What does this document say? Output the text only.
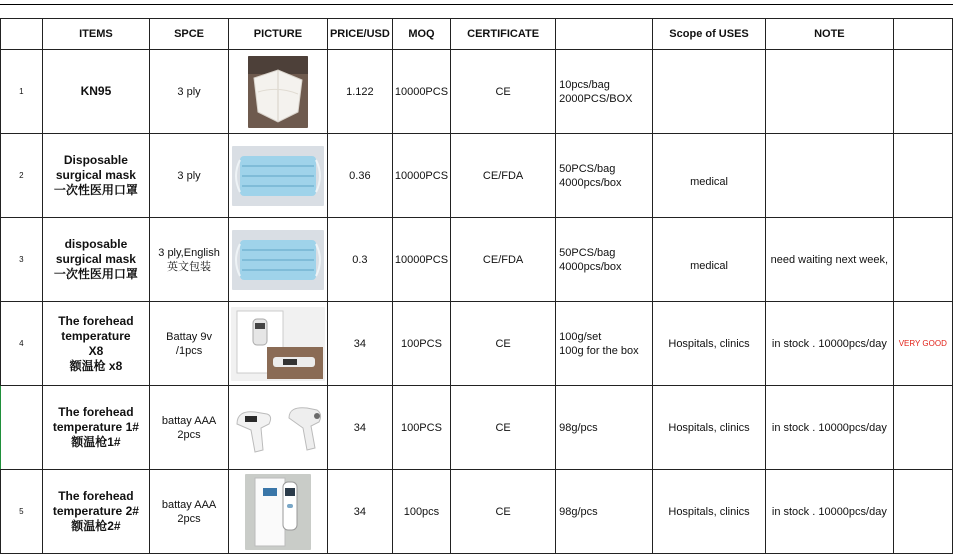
	ITEMS	SPCE	PICTURE	PRICE/USD	MOQ	CERTIFICATE		Scope of USES	NOTE	
1	KN95	3 ply		1.122	10000PCS	CE	10pcs/bag
2000PCS/BOX			

2	Disposable
surgical mask
一次性医用口罩	3 ply		0.36	10000PCS	CE/FDA	50PCS/bag
4000pcs/box	medical		

3	disposable
surgical mask
一次性医用口罩	3 ply,English
英文包装		0.3	10000PCS	CE/FDA	50PCS/bag
4000pcs/box	medical	need waiting next week,	
4	The forehead
temperature
X8
额温枪 x8	Battay 9v /1pcs		34	100PCS	CE	100g/set
100g for the box	Hospitals, clinics	in stock . 10000pcs/day	VERY GOOD

	The forehead
temperature 1#
额温枪1#	battay AAA 2pcs		34	100PCS	CE	98g/pcs	Hospitals, clinics	in stock . 10000pcs/day	
5	The forehead
temperature 2#
额温枪2#	battay AAA 2pcs		34	100pcs	CE	98g/pcs	Hospitals, clinics	in stock . 10000pcs/day	
